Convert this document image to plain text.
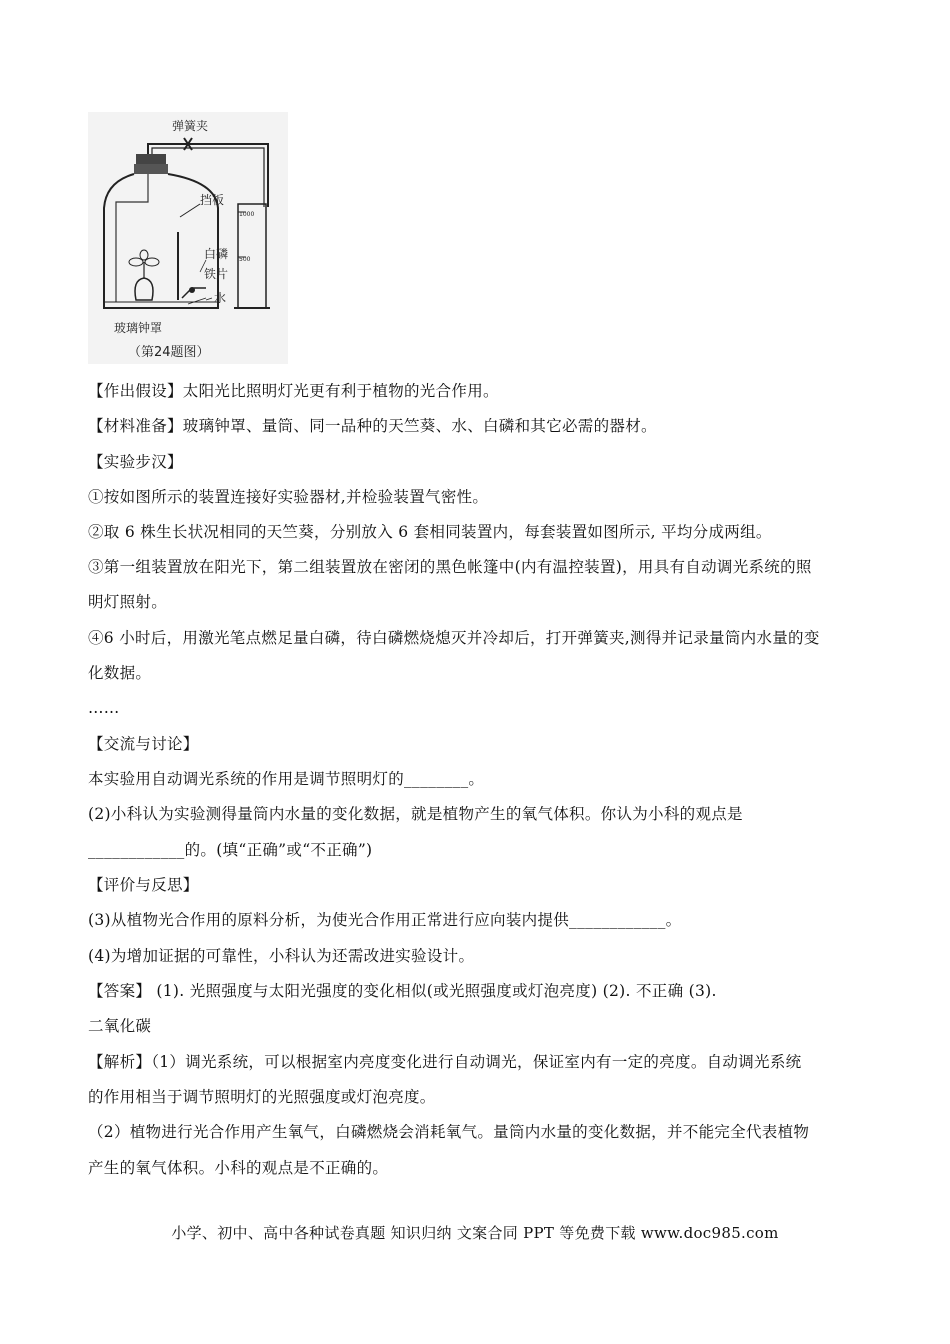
弹簧夹
挡板
白磷
铁片
水
玻璃钟罩
（第24题图）
1000
500
【作出假设】太阳光比照明灯光更有利于植物的光合作用。
【材料准备】玻璃钟罩、量筒、同一品种的天竺葵、水、白磷和其它必需的器材。
【实验步汉】
①按如图所示的装置连接好实验器材,并检验装置气密性。
②取 6 株生长状况相同的天竺葵，分别放入 6 套相同装置内，每套装置如图所示, 平均分成两组。
③第一组装置放在阳光下，第二组装置放在密闭的黑色帐篷中(内有温控装置)，用具有自动调光系统的照
明灯照射。
④6 小时后，用激光笔点燃足量白磷，待白磷燃烧熄灭并冷却后，打开弹簧夹,测得并记录量筒内水量的变
化数据。
……
【交流与讨论】
本实验用自动调光系统的作用是调节照明灯的________。
(2)小科认为实验测得量筒内水量的变化数据，就是植物产生的氧气体积。你认为小科的观点是
____________的。(填“正确”或“不正确”)
【评价与反思】
(3)从植物光合作用的原料分析，为使光合作用正常进行应向装内提供____________。
(4)为增加证据的可靠性，小科认为还需改进实验设计。
【答案】 (1). 光照强度与太阳光强度的变化相似(或光照强度或灯泡亮度) (2). 不正确 (3).
二氧化碳
【解析】（1）调光系统，可以根据室内亮度变化进行自动调光，保证室内有一定的亮度。自动调光系统
的作用相当于调节照明灯的光照强度或灯泡亮度。
（2）植物进行光合作用产生氧气，白磷燃烧会消耗氧气。量筒内水量的变化数据，并不能完全代表植物
产生的氧气体积。小科的观点是不正确的。
小学、初中、高中各种试卷真题 知识归纳 文案合同 PPT 等免费下载 www.doc985.com
